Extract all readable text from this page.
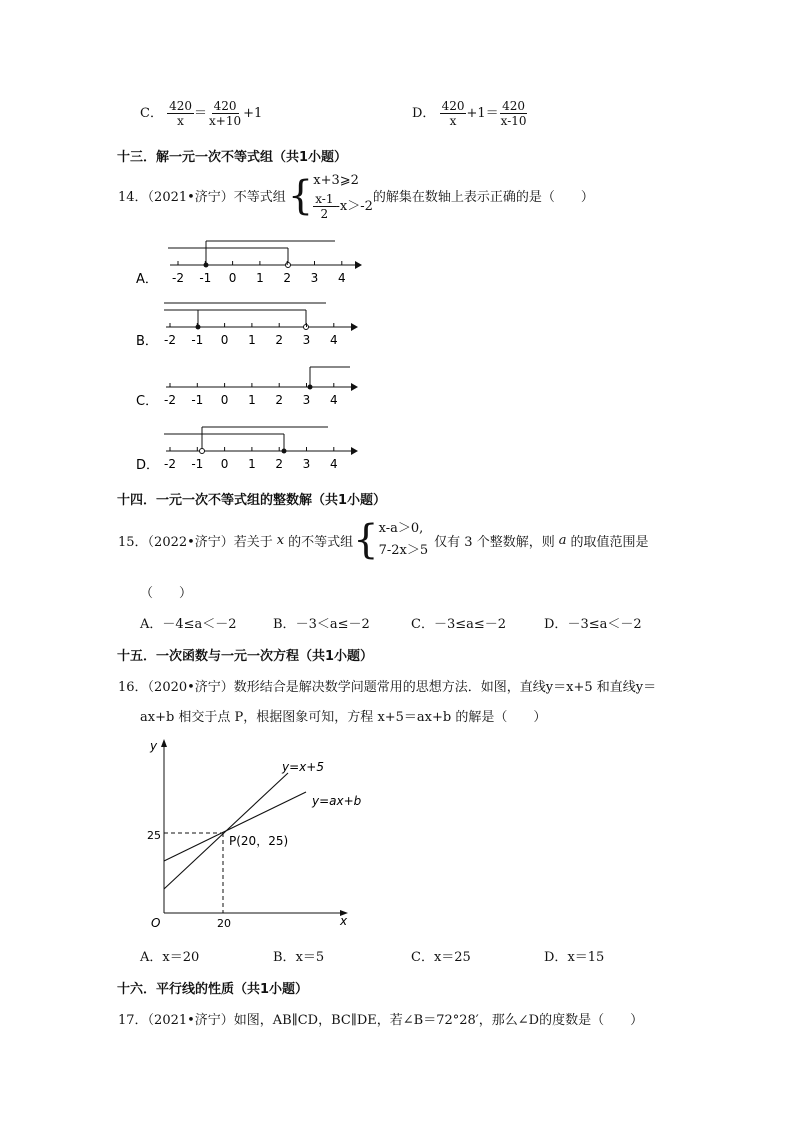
C． $\frac{420}{x} = \frac{420}{x+10} +1$	D． $\frac{420}{x} +1= \frac{420}{x-10}$
十三．解一元一次不等式组（共1小题）
14．（2021•济宁）不等式组 { x+3⩾2
$\frac{x-1}{2} -x>-2$
的解集在数轴上表示正确的是（　　）
A． -2 -1 0 1 2 3 4
B． -2 -1 0 1 2 3 4
C． -2 -1 0 1 2 3 4
D． -2 -1 0 1 2 3 4
十四．一元一次不等式组的整数解（共1小题）
15．（2022•济宁）若关于 x 的不等式组 { x-a＞0,
7-2x＞5
仅有 3 个整数解，则 a 的取值范围是
（　　）
A．－4≤a＜－2	B．－3＜a≤－2	C．－3≤a≤－2	D．－3≤a＜－2
十五．一次函数与一元一次方程（共1小题）
16．（2020•济宁）数形结合是解决数学问题常用的思想方法．如图，直线y＝x+5 和直线y＝
ax+b 相交于点 P，根据图象可知，方程 x+5＝ax+b 的解是（　　）
y
x
O
25
20
y=x+5
y=ax+b
P(20，25)
A．x＝20	B．x＝5	C．x＝25	D．x＝15
十六．平行线的性质（共1小题）
17．（2021•济宁）如图，AB∥CD，BC∥DE，若∠B＝72°28′，那么∠D的度数是（　　）
